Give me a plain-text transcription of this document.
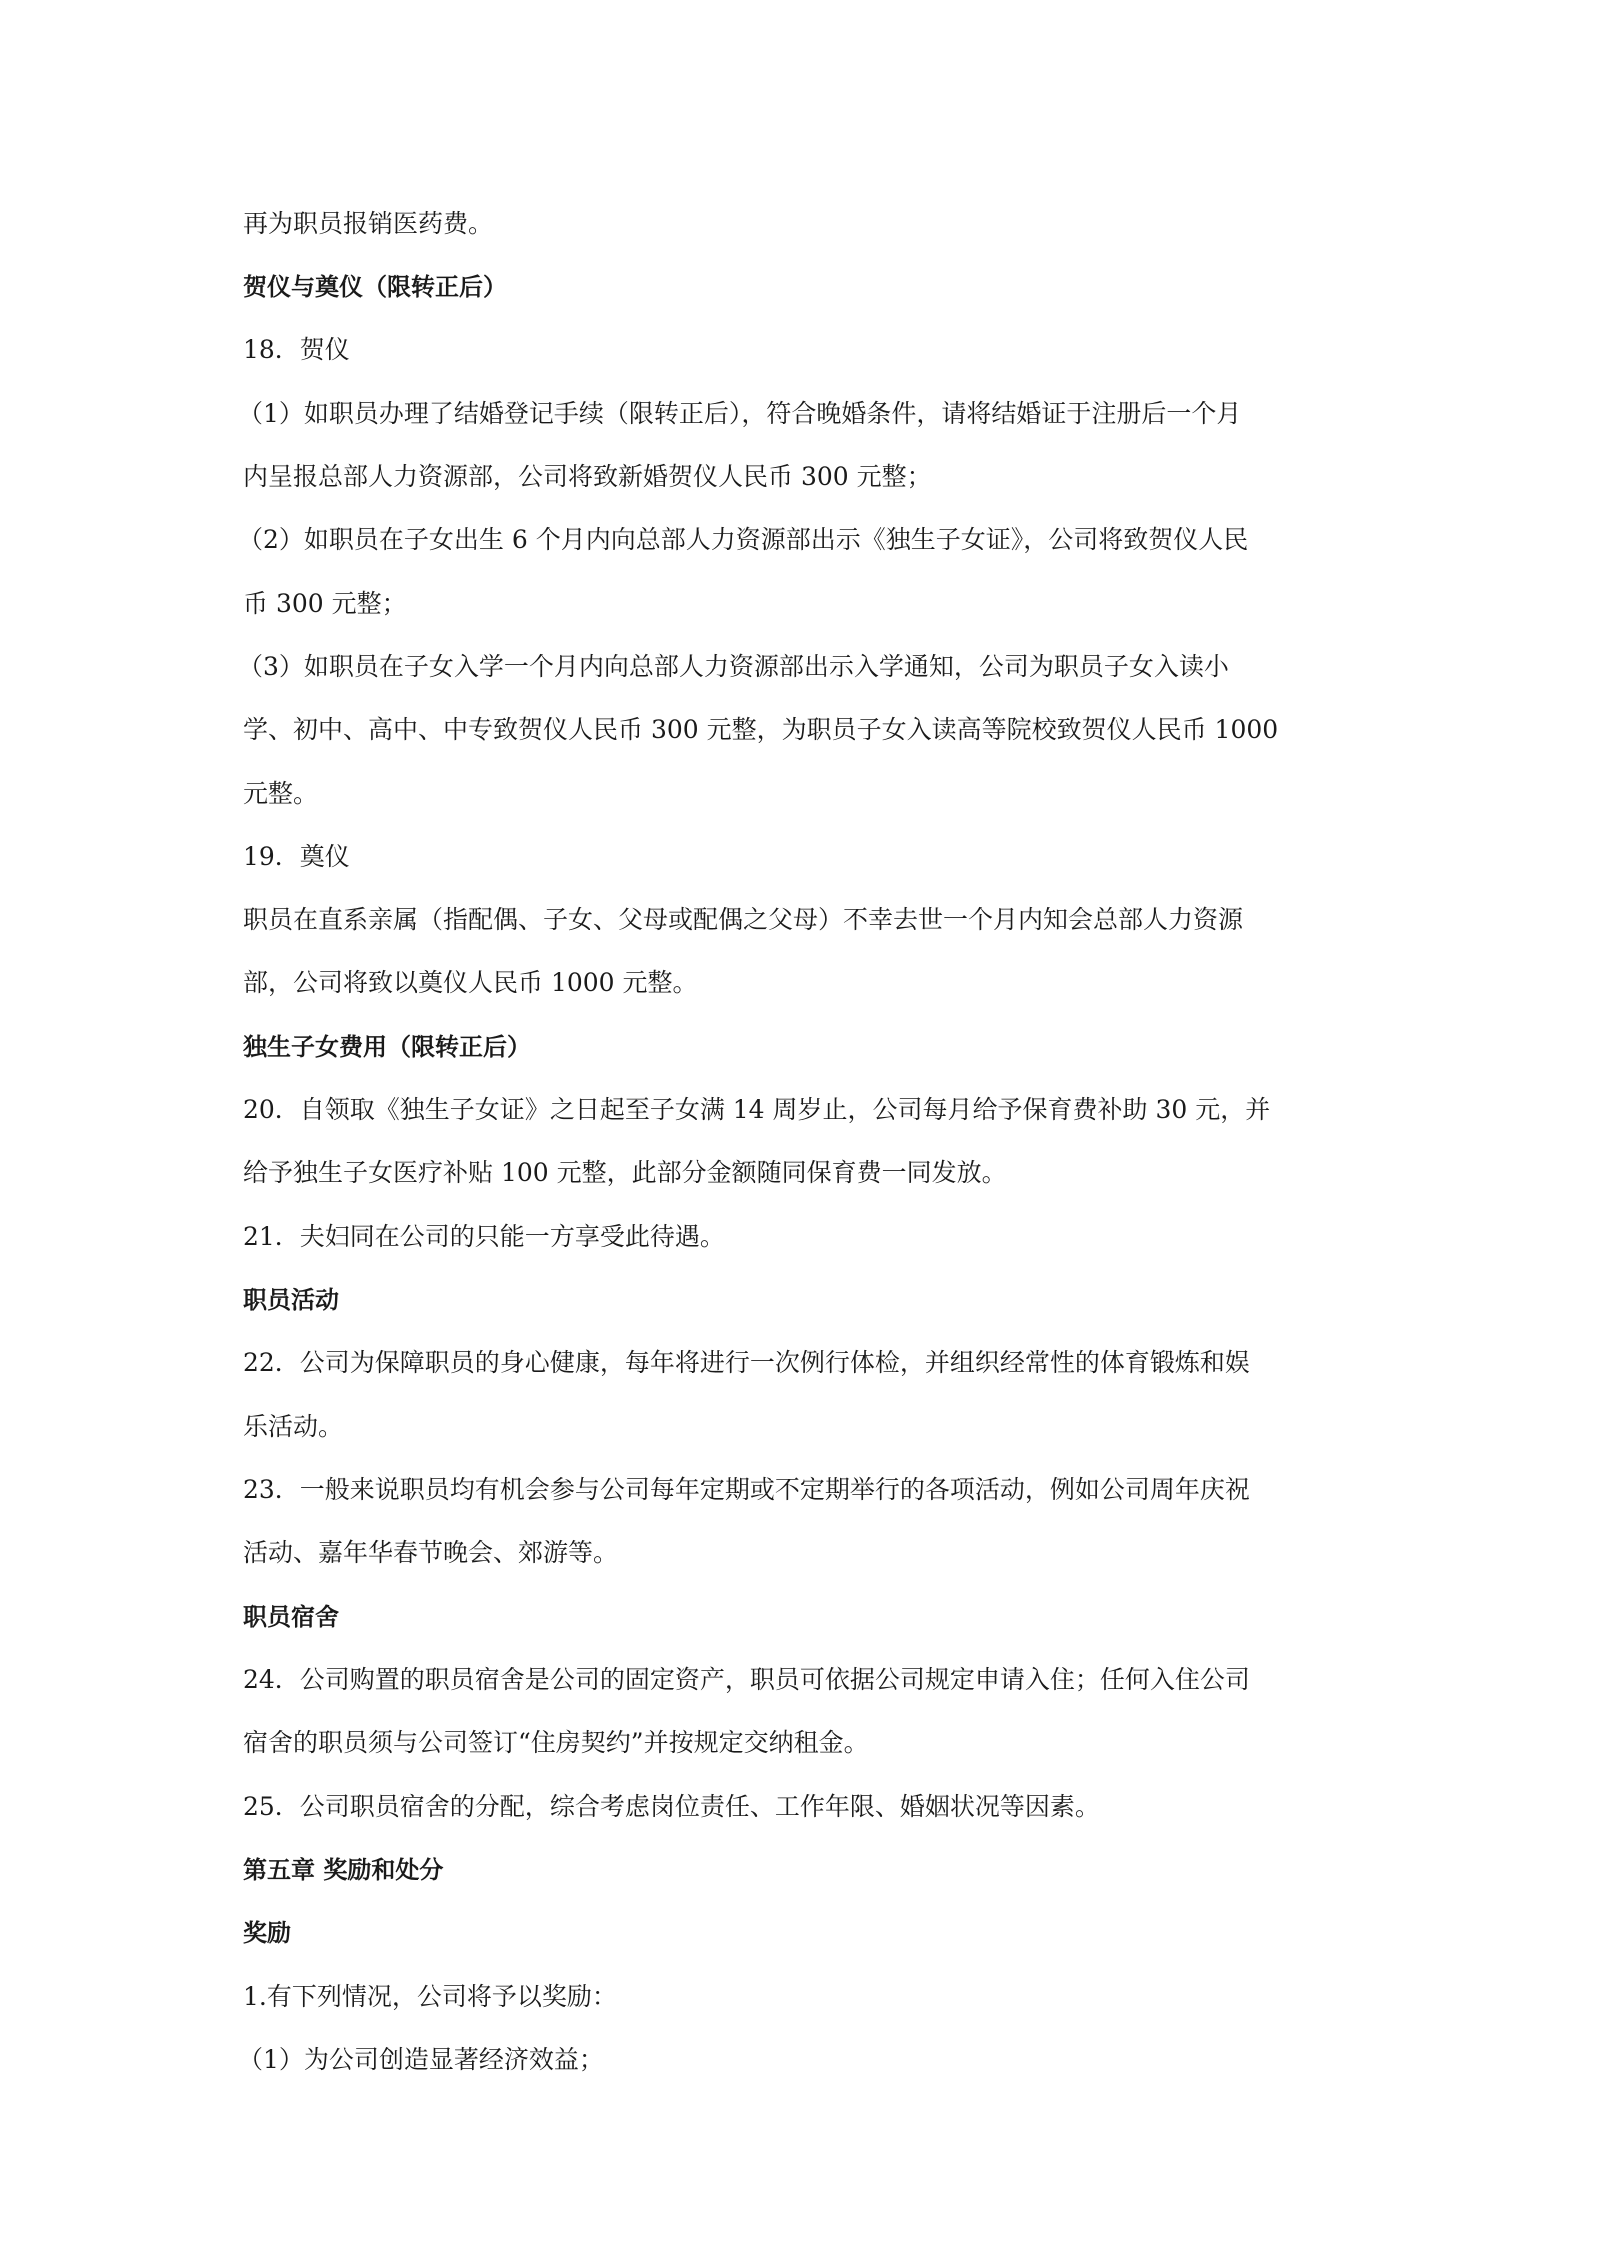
再为职员报销医药费。
贺仪与奠仪（限转正后）
18．贺仪
（1）如职员办理了结婚登记手续（限转正后），符合晚婚条件，请将结婚证于注册后一个月
内呈报总部人力资源部，公司将致新婚贺仪人民币 300 元整；
（2）如职员在子女出生 6 个月内向总部人力资源部出示《独生子女证》，公司将致贺仪人民
币 300 元整；
（3）如职员在子女入学一个月内向总部人力资源部出示入学通知，公司为职员子女入读小
学、初中、高中、中专致贺仪人民币 300 元整，为职员子女入读高等院校致贺仪人民币 1000
元整。
19．奠仪
职员在直系亲属（指配偶、子女、父母或配偶之父母）不幸去世一个月内知会总部人力资源
部，公司将致以奠仪人民币 1000 元整。
独生子女费用（限转正后）
20．自领取《独生子女证》之日起至子女满 14 周岁止，公司每月给予保育费补助 30 元，并
给予独生子女医疗补贴 100 元整，此部分金额随同保育费一同发放。
21．夫妇同在公司的只能一方享受此待遇。
职员活动
22．公司为保障职员的身心健康，每年将进行一次例行体检，并组织经常性的体育锻炼和娱
乐活动。
23．一般来说职员均有机会参与公司每年定期或不定期举行的各项活动，例如公司周年庆祝
活动、嘉年华春节晚会、郊游等。
职员宿舍
24．公司购置的职员宿舍是公司的固定资产，职员可依据公司规定申请入住；任何入住公司
宿舍的职员须与公司签订“住房契约”并按规定交纳租金。
25．公司职员宿舍的分配，综合考虑岗位责任、工作年限、婚姻状况等因素。
第五章 奖励和处分
奖励
1.有下列情况，公司将予以奖励：
（1）为公司创造显著经济效益；
